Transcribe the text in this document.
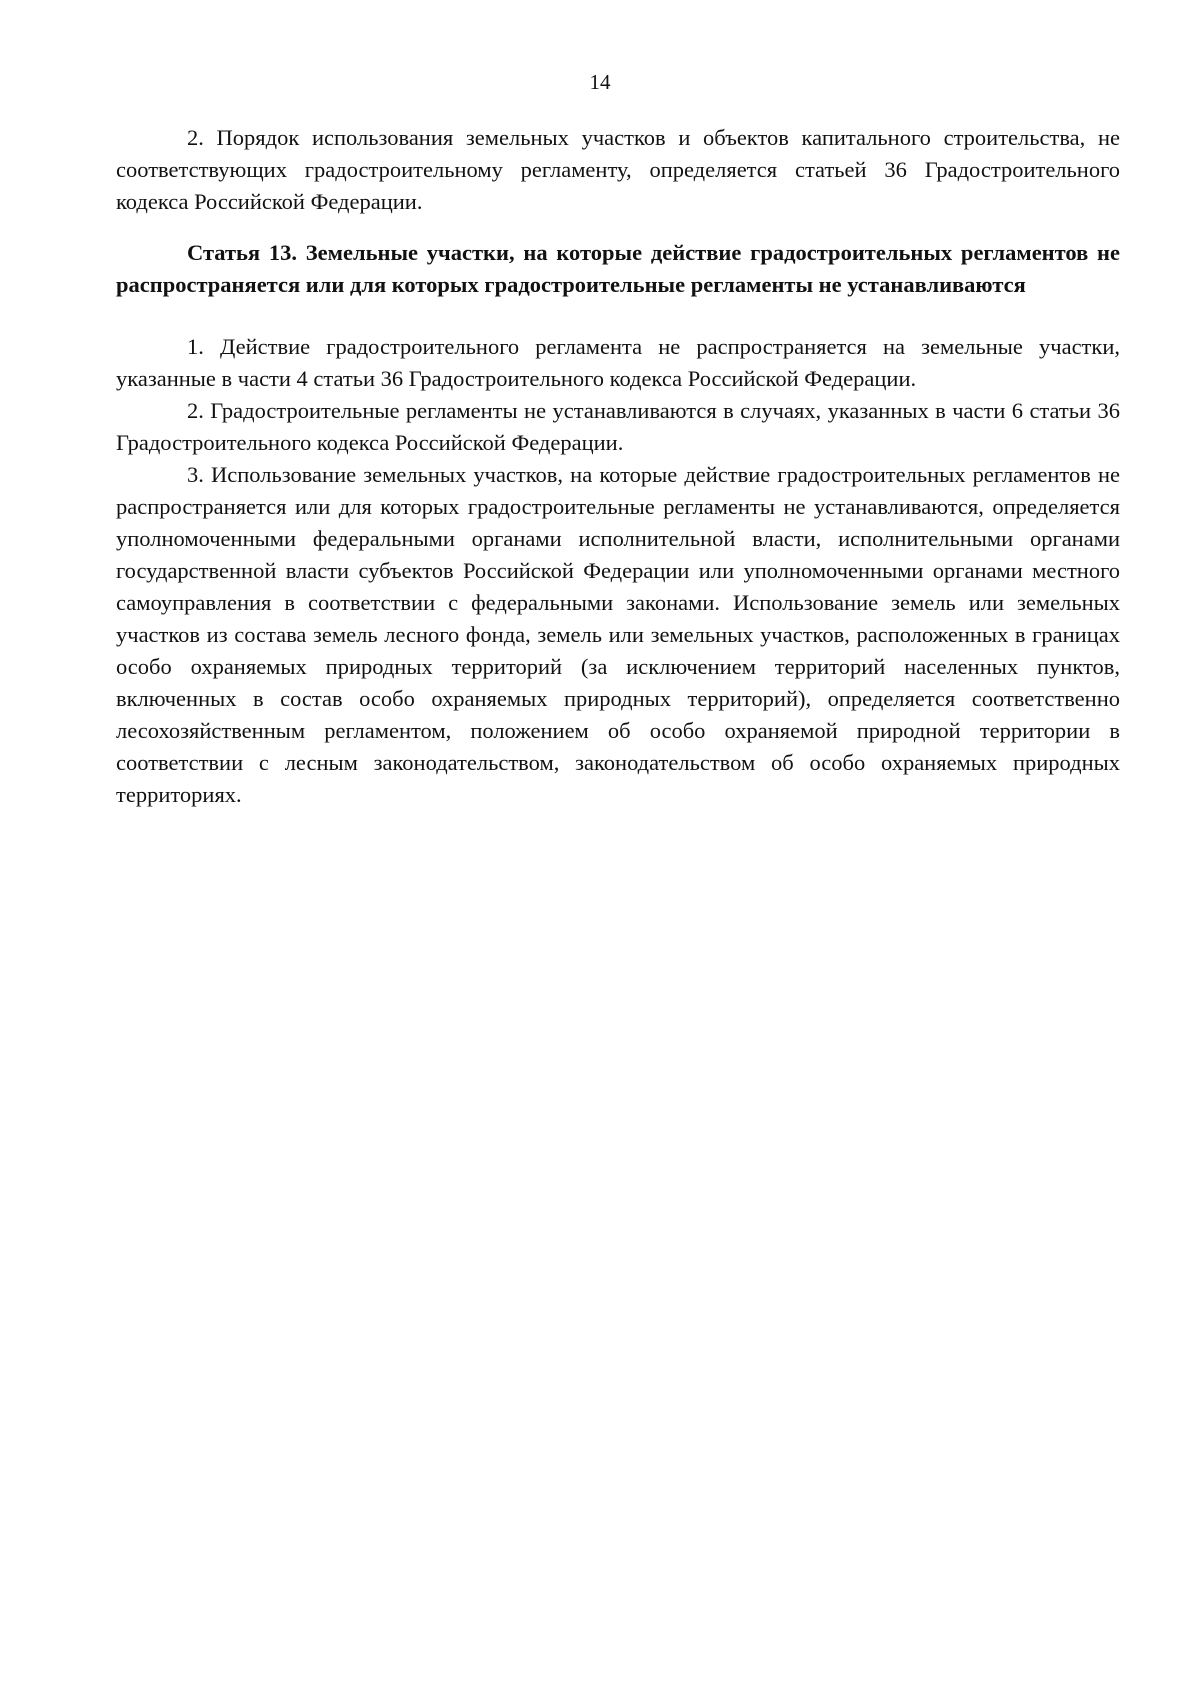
14

2. Порядок использования земельных участков и объектов капитального строительства, не соответствующих градостроительному регламенту, определяется статьей 36 Градостроительного кодекса Российской Федерации.

Статья 13. Земельные участки, на которые действие градостроительных регламентов не распространяется или для которых градостроительные регламенты не устанавливаются

1. Действие градостроительного регламента не распространяется на земельные участки, указанные в части 4 статьи 36 Градостроительного кодекса Российской Федерации.

2. Градостроительные регламенты не устанавливаются в случаях, указанных в части 6 статьи 36 Градостроительного кодекса Российской Федерации.

3. Использование земельных участков, на которые действие градостроительных регламентов не распространяется или для которых градостроительные регламенты не устанавливаются, определяется уполномоченными федеральными органами исполнительной власти, исполнительными органами государственной власти субъектов Российской Федерации или уполномоченными органами местного самоуправления в соответствии с федеральными законами. Использование земель или земельных участков из состава земель лесного фонда, земель или земельных участков, расположенных в границах особо охраняемых природных территорий (за исключением территорий населенных пунктов, включенных в состав особо охраняемых природных территорий), определяется соответственно лесохозяйственным регламентом, положением об особо охраняемой природной территории в соответствии с лесным законодательством, законодательством об особо охраняемых природных территориях.
